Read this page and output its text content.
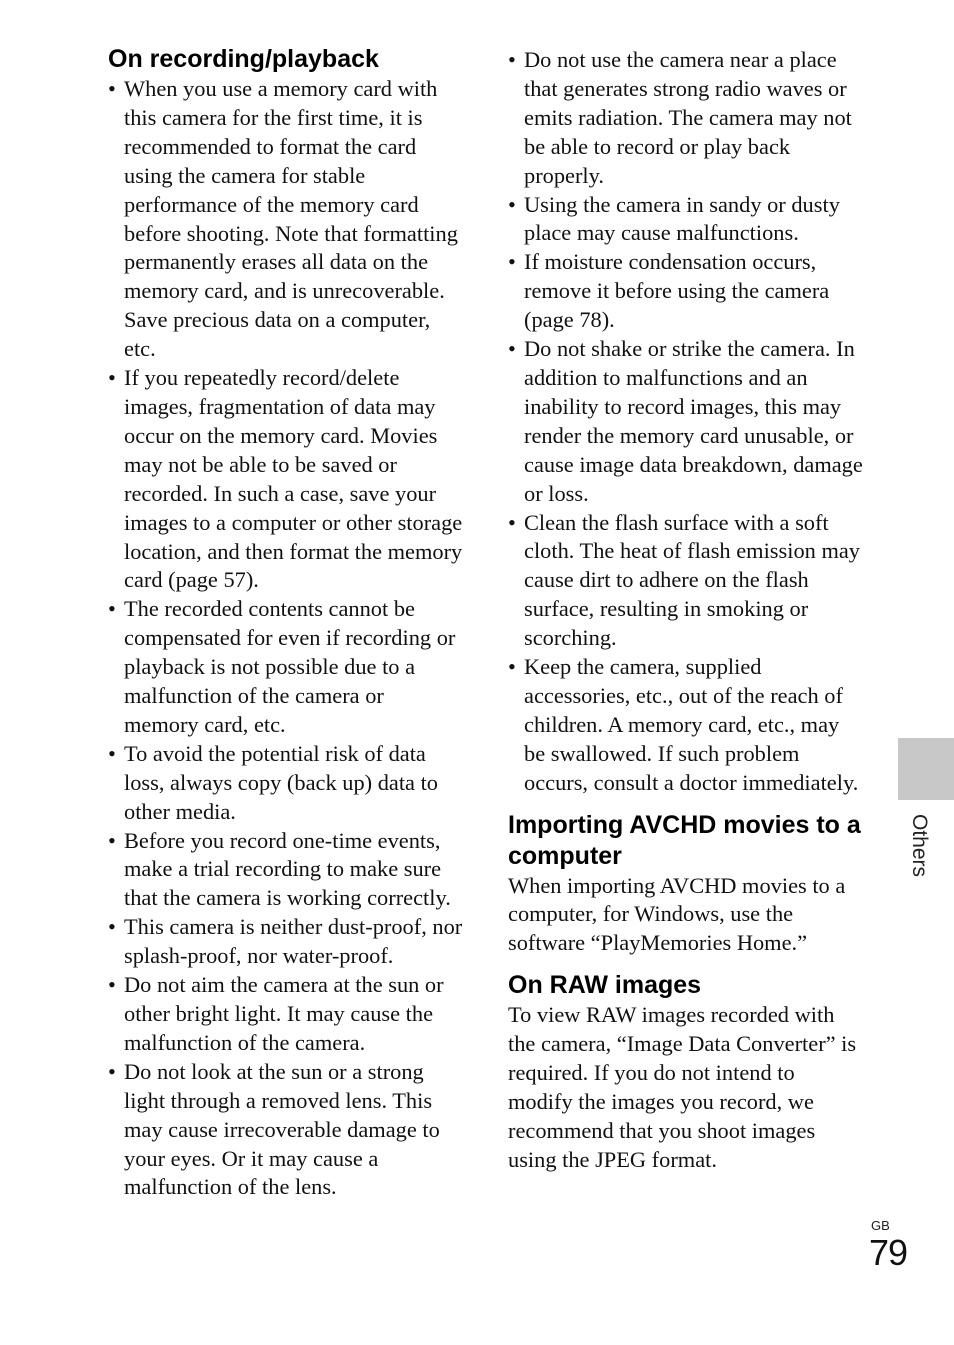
On recording/playback
• When you use a memory card with this camera for the first time, it is recommended to format the card using the camera for stable performance of the memory card before shooting. Note that formatting permanently erases all data on the memory card, and is unrecoverable. Save precious data on a computer, etc.
• If you repeatedly record/delete images, fragmentation of data may occur on the memory card. Movies may not be able to be saved or recorded. In such a case, save your images to a computer or other storage location, and then format the memory card (page 57).
• The recorded contents cannot be compensated for even if recording or playback is not possible due to a malfunction of the camera or memory card, etc.
• To avoid the potential risk of data loss, always copy (back up) data to other media.
• Before you record one-time events, make a trial recording to make sure that the camera is working correctly.
• This camera is neither dust-proof, nor splash-proof, nor water-proof.
• Do not aim the camera at the sun or other bright light. It may cause the malfunction of the camera.
• Do not look at the sun or a strong light through a removed lens. This may cause irrecoverable damage to your eyes. Or it may cause a malfunction of the lens.
• Do not use the camera near a place that generates strong radio waves or emits radiation. The camera may not be able to record or play back properly.
• Using the camera in sandy or dusty place may cause malfunctions.
• If moisture condensation occurs, remove it before using the camera (page 78).
• Do not shake or strike the camera. In addition to malfunctions and an inability to record images, this may render the memory card unusable, or cause image data breakdown, damage or loss.
• Clean the flash surface with a soft cloth. The heat of flash emission may cause dirt to adhere on the flash surface, resulting in smoking or scorching.
• Keep the camera, supplied accessories, etc., out of the reach of children. A memory card, etc., may be swallowed. If such problem occurs, consult a doctor immediately.
Importing AVCHD movies to a computer

When importing AVCHD movies to a computer, for Windows, use the software “PlayMemories Home.”

On RAW images

To view RAW images recorded with the camera, “Image Data Converter” is required. If you do not intend to modify the images you record, we recommend that you shoot images using the JPEG format.

Others
GB
79
